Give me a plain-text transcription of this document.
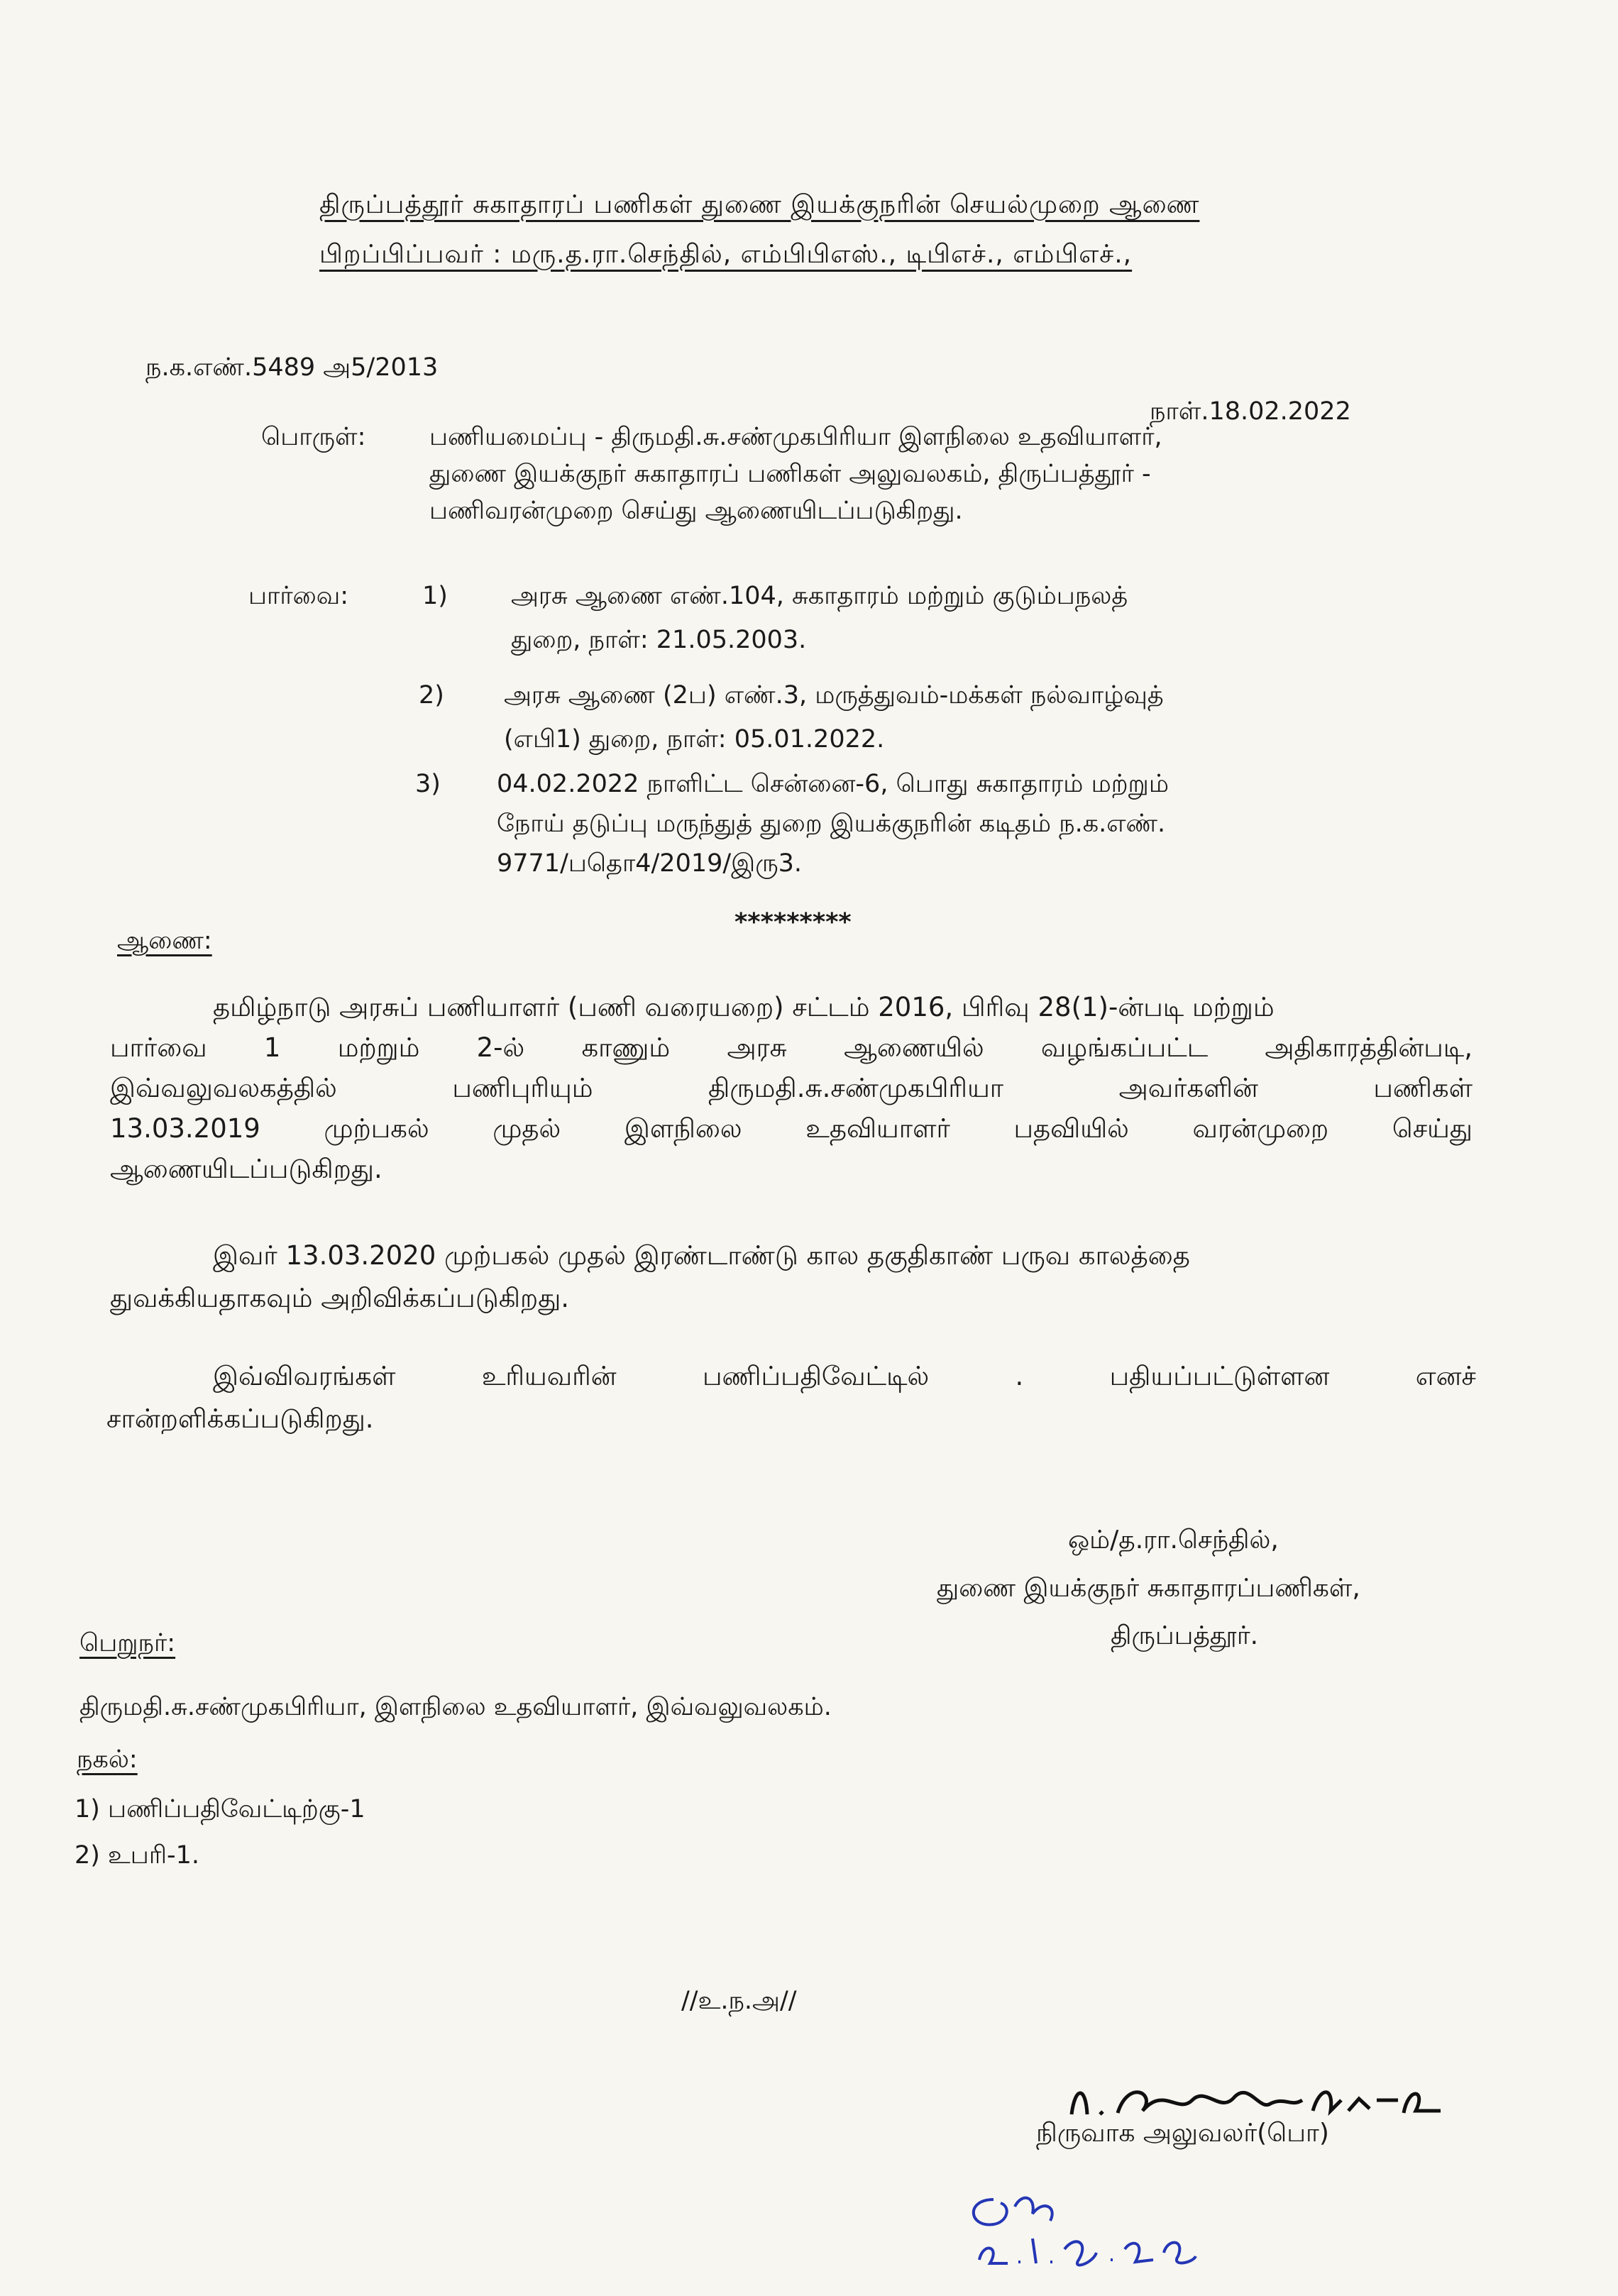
திருப்பத்தூர் சுகாதாரப் பணிகள் துணை இயக்குநரின் செயல்முறை ஆணை
பிறப்பிப்பவர் : மரு.த.ரா.செந்தில், எம்பிபிஎஸ்., டிபிஎச்., எம்பிஎச்.,
ந.க.எண்.5489 அ5/2013
நாள்.18.02.2022
பொருள்:	பணியமைப்பு - திருமதி.சு.சண்முகபிரியா இளநிலை உதவியாளர்,
துணை இயக்குநர் சுகாதாரப் பணிகள் அலுவலகம், திருப்பத்தூர் -
பணிவரன்முறை செய்து ஆணையிடப்படுகிறது.
பார்வை:	1)	அரசு ஆணை எண்.104, சுகாதாரம் மற்றும் குடும்பநலத்
துறை, நாள்: 21.05.2003.
2) அரசு ஆணை (2ப) எண்.3, மருத்துவம்-மக்கள் நல்வாழ்வுத்
(எபி1) துறை, நாள்: 05.01.2022.
3) 04.02.2022 நாளிட்ட சென்னை-6, பொது சுகாதாரம் மற்றும்
நோய் தடுப்பு மருந்துத் துறை இயக்குநரின் கடிதம் ந.க.எண்.
9771/பதொ4/2019/இரு3.
*********
ஆணை:
தமிழ்நாடு அரசுப் பணியாளர் (பணி வரையறை) சட்டம் 2016, பிரிவு 28(1)-ன்படி மற்றும்
பார்வை 1 மற்றும் 2-ல் காணும் அரசு ஆணையில் வழங்கப்பட்ட அதிகாரத்தின்படி,
இவ்வலுவலகத்தில் பணிபுரியும் திருமதி.சு.சண்முகபிரியா அவர்களின் பணிகள்
13.03.2019 முற்பகல் முதல் இளநிலை உதவியாளர் பதவியில் வரன்முறை செய்து
ஆணையிடப்படுகிறது.
இவர் 13.03.2020 முற்பகல் முதல் இரண்டாண்டு கால தகுதிகாண் பருவ காலத்தை
துவக்கியதாகவும் அறிவிக்கப்படுகிறது.
இவ்விவரங்கள் உரியவரின் பணிப்பதிவேட்டில் . பதியப்பட்டுள்ளன எனச்
சான்றளிக்கப்படுகிறது.
ஒம்/த.ரா.செந்தில்,
துணை இயக்குநர் சுகாதாரப்பணிகள்,
திருப்பத்தூர்.
பெறுநர்:
திருமதி.சு.சண்முகபிரியா, இளநிலை உதவியாளர், இவ்வலுவலகம்.
நகல்:
1) பணிப்பதிவேட்டிற்கு-1
2) உபரி-1.
//உ.ந.அ//
நிருவாக அலுவலர்(பொ)
